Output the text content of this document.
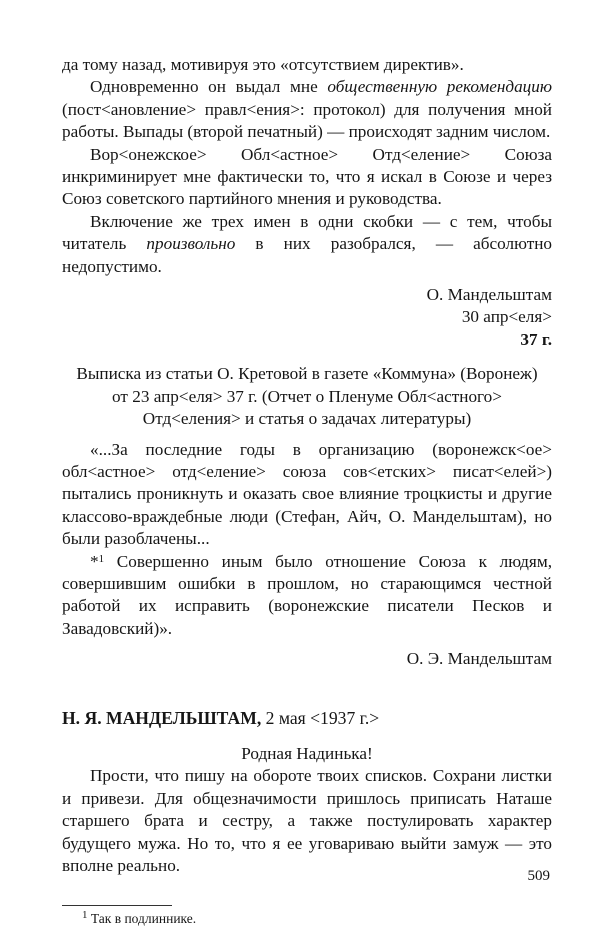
да тому назад, мотивируя это «отсутствием директив».

Одновременно он выдал мне общественную рекомендацию (пост<ановление> правл<ения>: протокол) для получения мной работы. Выпады (второй печатный) — происходят задним числом.

Вор<онежское> Обл<астное> Отд<еление> Союза инкриминирует мне фактически то, что я искал в Союзе и через Союз советского партийного мнения и руководства.

Включение же трех имен в одни скобки — с тем, чтобы читатель произвольно в них разобрался, — абсолютно недопустимо.

О. Мандельштам

30 апр<еля>

37 г.

Выписка из статьи О. Кретовой в газете «Коммуна» (Воронеж) от 23 апр<еля> 37 г. (Отчет о Пленуме Обл<астного> Отд<еления> и статья о задачах литературы)

«...За последние годы в организацию (воронежск<ое> обл<астное> отд<еление> союза сов<етских> писат<елей>) пытались проникнуть и оказать свое влияние троцкисты и другие классово-враждебные люди (Стефан, Айч, О. Мандельштам), но были разоблачены...

*$^1$ Совершенно иным было отношение Союза к людям, совершившим ошибки в прошлом, но старающимся честной работой их исправить (воронежские писатели Песков и Завадовский)».

О. Э. Мандельштам

Н. Я. МАНДЕЛЬШТАМ, 2 мая <1937 г.>

Родная Надинька!

Прости, что пишу на обороте твоих списков. Сохрани листки и привези. Для общезначимости пришлось приписать Наташе старшего брата и сестру, а также постулировать характер будущего мужа. Но то, что я ее уговариваю выйти замуж — это вполне реально.

$^1$ Так в подлиннике.

509
